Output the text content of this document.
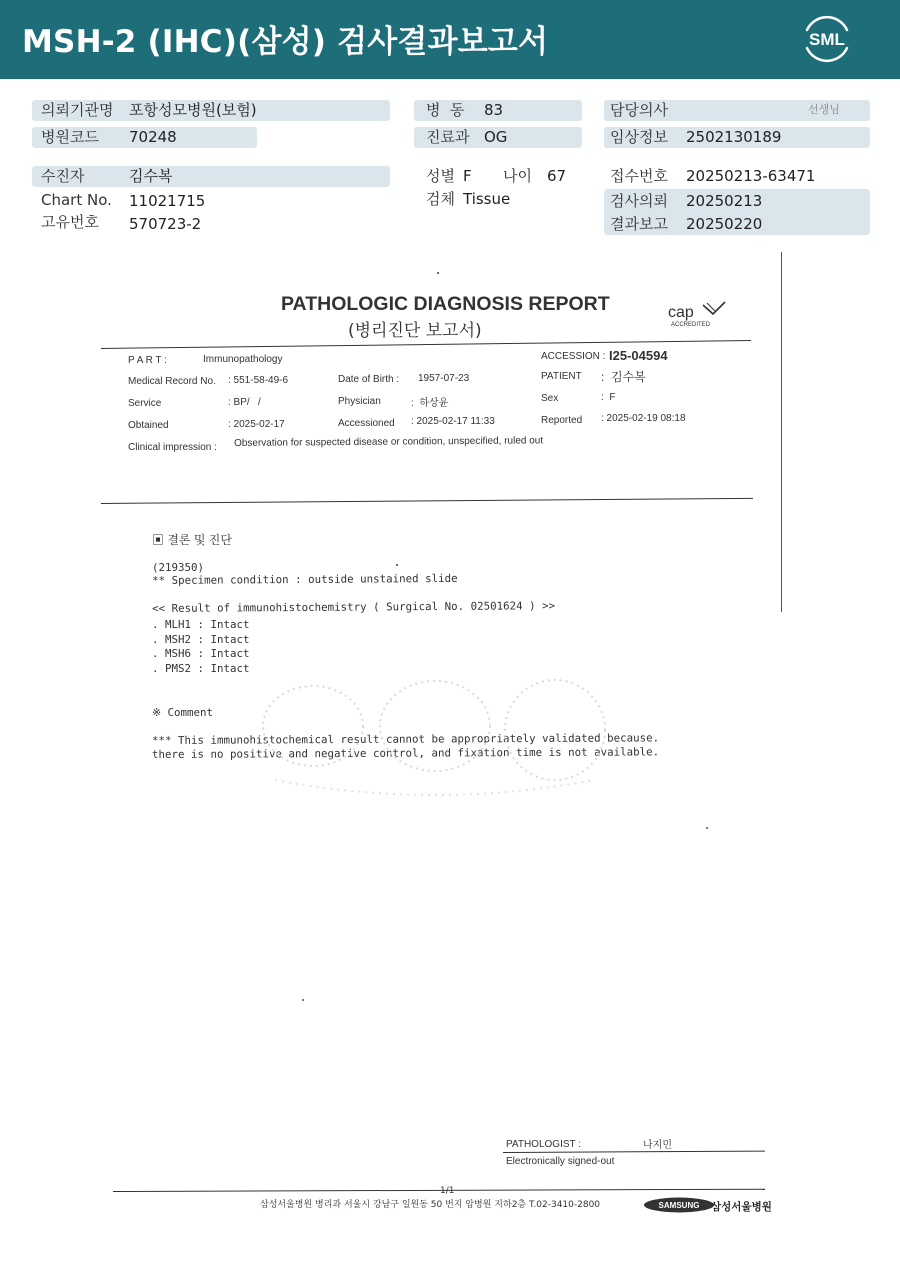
MSH-2 (IHC)(삼성) 검사결과보고서	SML
의뢰기관명 포항성모병원(보험)
병원코드 70248
병  동 83
진료과 OG
담당의사	선생님
임상정보 2502130189
수진자	김수복
Chart No. 11021715
고유번호 570723-2
성별 F 나이 67
검체 Tissue
접수번호 20250213-63471
검사의뢰 20250213
결과보고 20250220
PATHOLOGIC DIAGNOSIS REPORT
(병리진단 보고서)
cap
ACCREDITED
P A R T :	Immunopathology	ACCESSION : I25-04594
Medical Record No. : 551-58-49-6	Date of Birth : 1957-07-23	PATIENT :  김수복
Service	: BP/   /	Physician	:  하상윤	Sex	:  F
Obtained	: 2025-02-17	Accessioned : 2025-02-17 11:33	Reported : 2025-02-19 08:18
Clinical impression : Observation for suspected disease or condition, unspecified, ruled out
▣ 결론 및 진단
(219350)
** Specimen condition : outside unstained slide
<< Result of immunohistochemistry ( Surgical No. 02501624 ) >>
. MLH1 : Intact
. MSH2 : Intact
. MSH6 : Intact
. PMS2 : Intact
※ Comment
*** This immunohistochemical result cannot be appropriately validated because.
there is no positive and negative control, and fixation time is not available.
PATHOLOGIST :	나지민
Electronically signed-out
1/1
삼성서울병원 병리과 서울시 강남구 일원동 50 번지 암병원 지하2층 T.02-3410-2800	SAMSUNG 삼성서울병원
